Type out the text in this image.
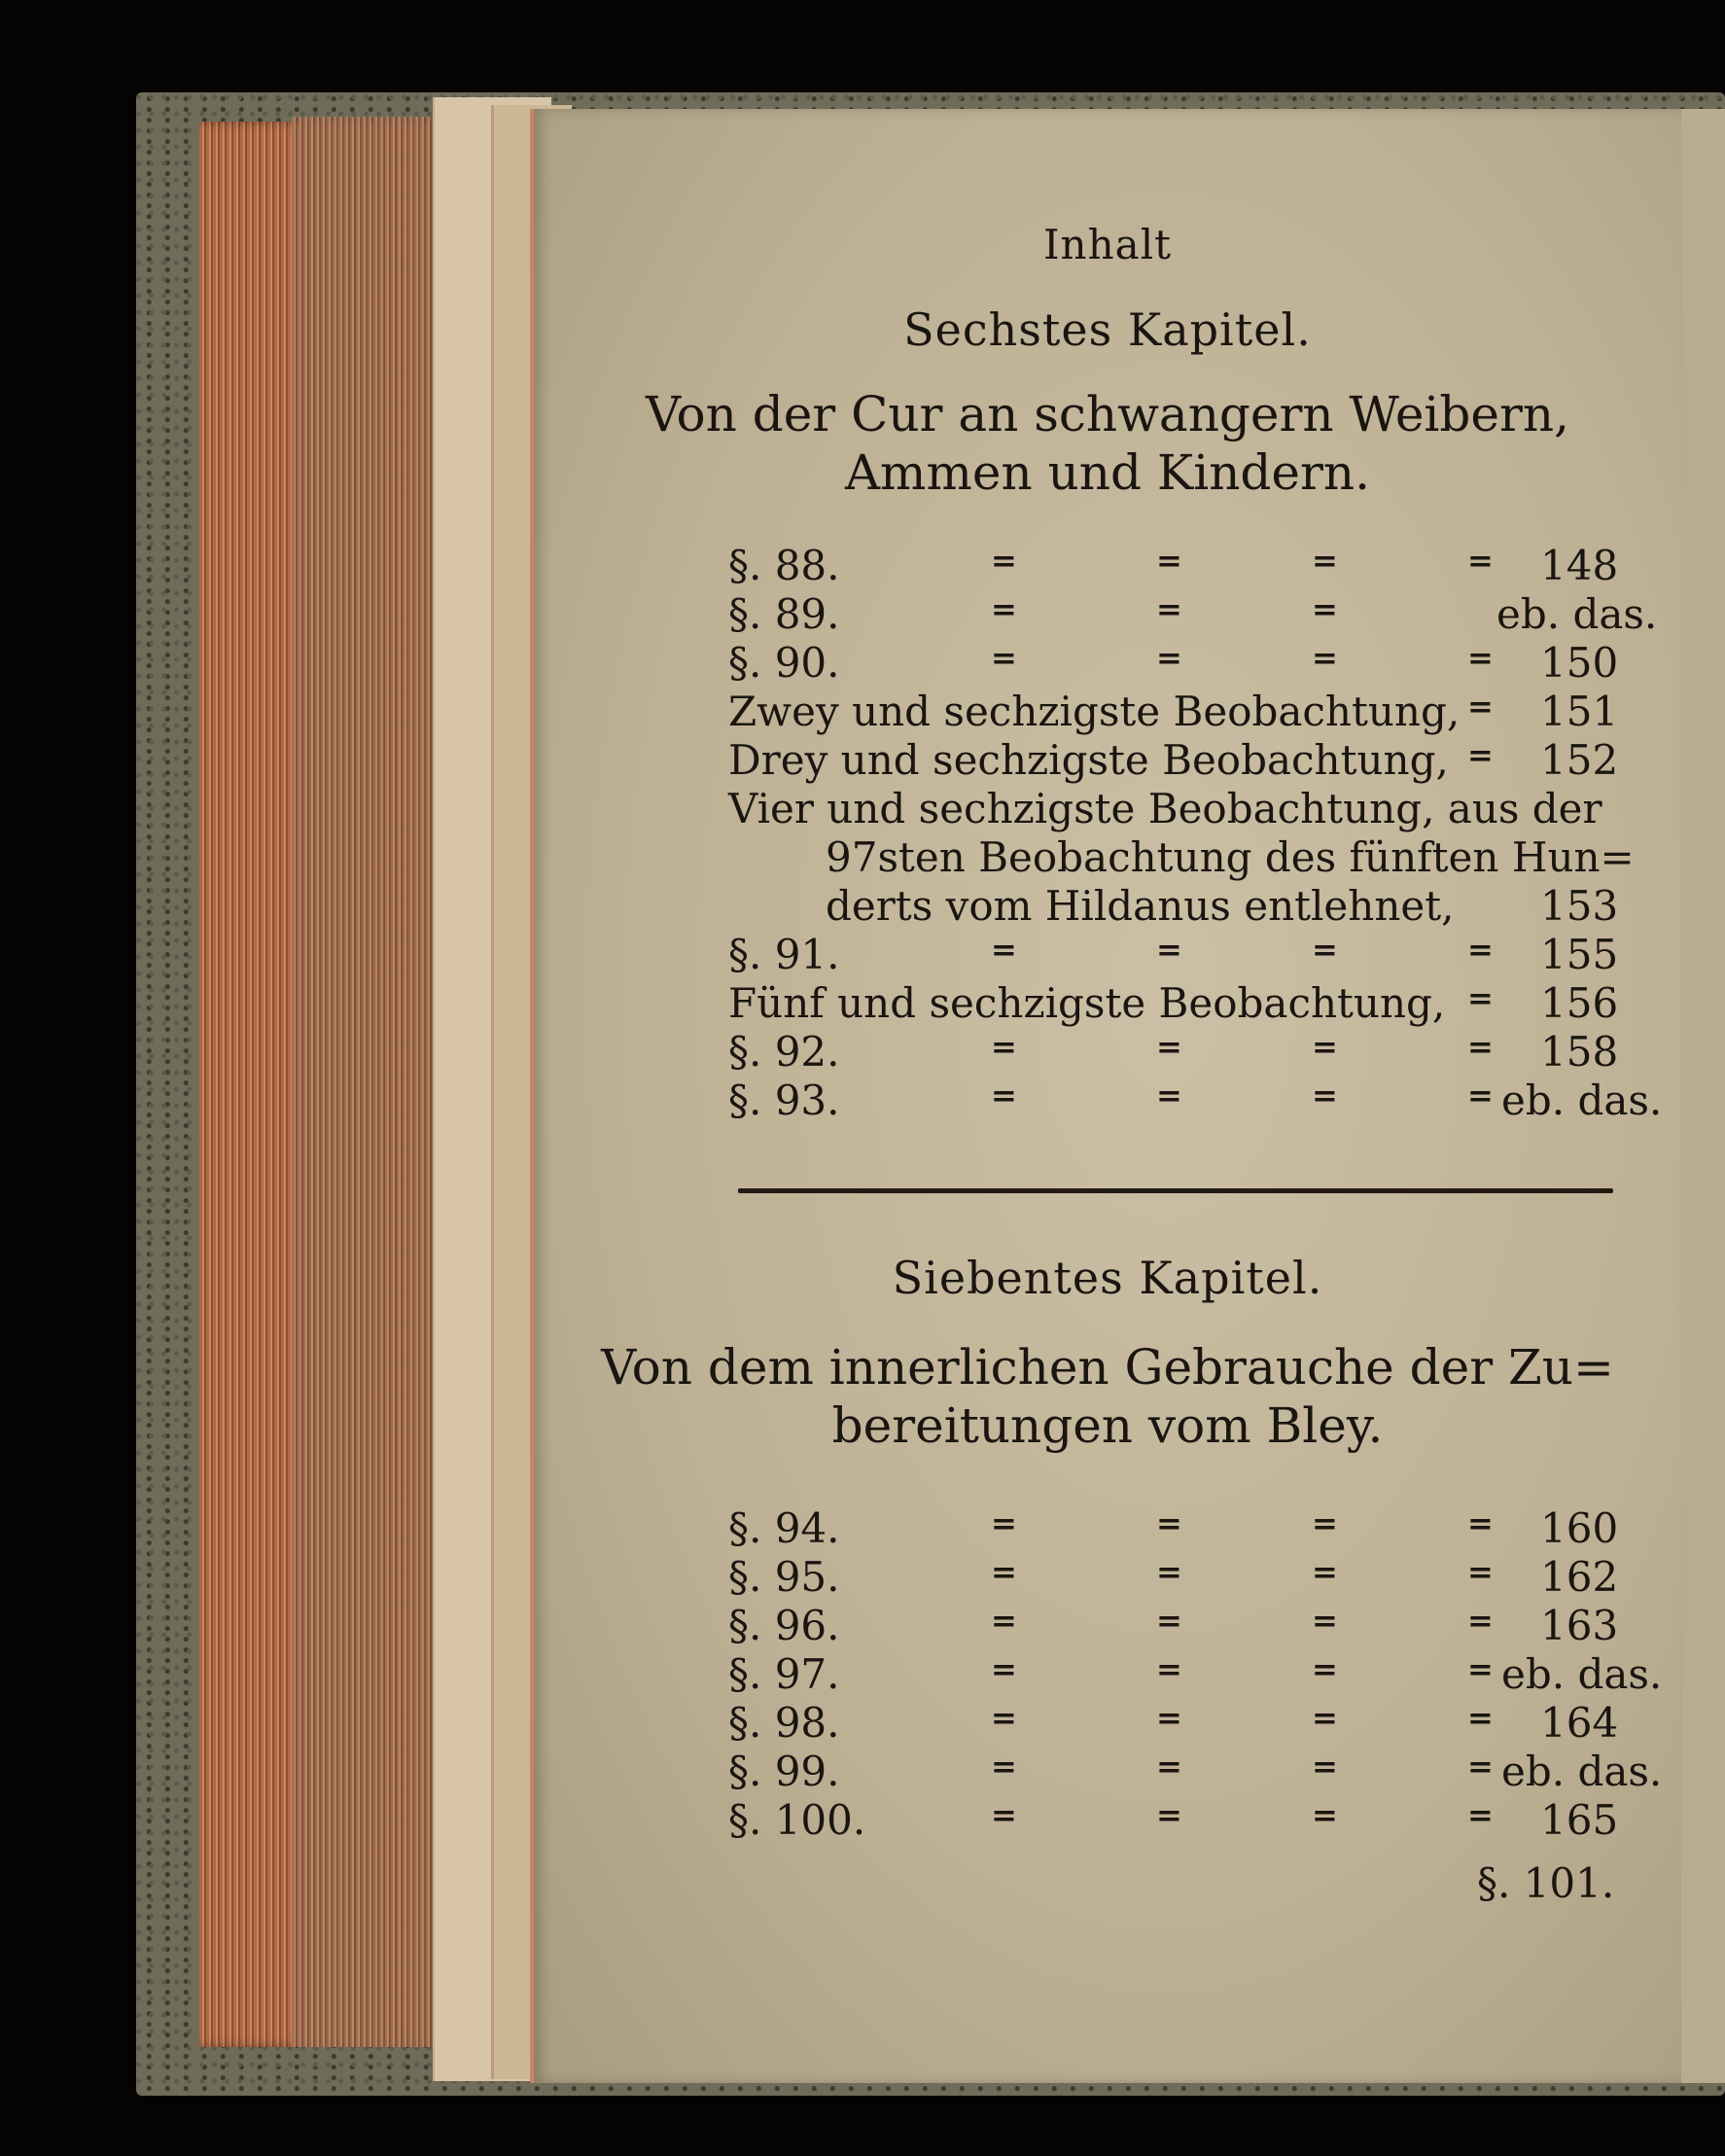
Inhalt
Sechstes Kapitel.
Von der Cur an schwangern Weibern,
Ammen und Kindern.
§. 88.	=	=	=	= 148
§. 89.	=	=	=	eb. das.
§. 90.	=	=	=	= 150
Zwey und sechzigste Beobachtung, = 151
Drey und sechzigste Beobachtung, = 152
Vier und sechzigste Beobachtung, aus der
97sten Beobachtung des fünften Hun=
derts vom Hildanus entlehnet, 153
§. 91.	=	=	=	= 155
Fünf und sechzigste Beobachtung, = 156
§. 92.	=	=	=	= 158
§. 93.	=	=	=	= eb. das.
Siebentes Kapitel.
Von dem innerlichen Gebrauche der Zu=
bereitungen vom Bley.
§. 94.	=	=	=	= 160
§. 95.	=	=	=	= 162
§. 96.	=	=	=	= 163
§. 97.	=	=	=	= eb. das.
§. 98.	=	=	=	= 164
§. 99.	=	=	=	= eb. das.
§. 100.	=	=	=	= 165
§. 101.
